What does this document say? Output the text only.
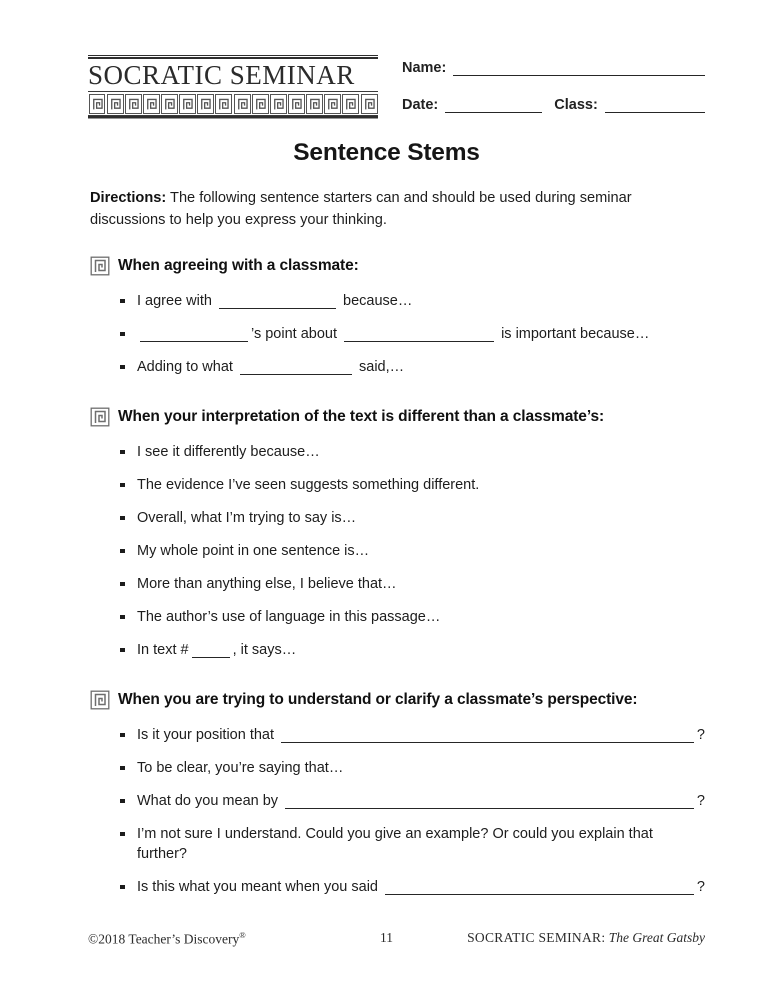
SOCRATIC SEMINAR	Name:
Date:	Class:
Sentence Stems

Directions: The following sentence starters can and should be used during seminar discussions to help you express your thinking.

When agreeing with a classmate:
I agree with	because…
’s point about	is important because…
Adding to what	said,…
When your interpretation of the text is different than a classmate’s:
I see it differently because…
The evidence I’ve seen suggests something different.
Overall, what I’m trying to say is…
My whole point in one sentence is…
More than anything else, I believe that…
The author’s use of language in this passage…
In text #	, it says…
When you are trying to understand or clarify a classmate’s perspective:
Is it your position that	?
To be clear, you’re saying that…
What do you mean by	?
I’m not sure I understand. Could you give an example? Or could you explain that further?
Is this what you meant when you said	?
©2018 Teacher’s Discovery®	SOCRATIC SEMINAR: The Great Gatsby
11
